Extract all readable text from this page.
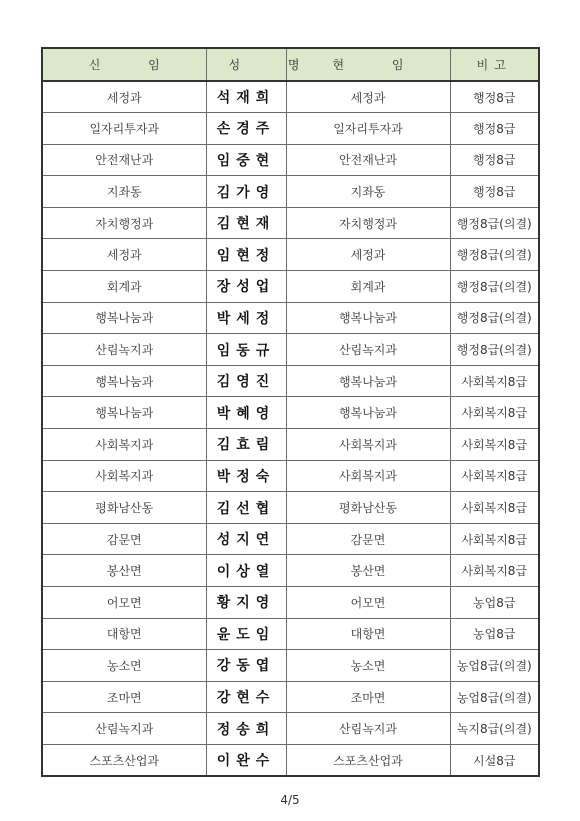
신 임	성 명	현 임	비고
세정과	석재희	세정과	행정8급
일자리투자과	손경주	일자리투자과	행정8급
안전재난과	임중현	안전재난과	행정8급
지좌동	김가영	지좌동	행정8급
자치행정과	김현재	자치행정과	행정8급(의결)
세정과	임현정	세정과	행정8급(의결)
회계과	장성업	회계과	행정8급(의결)
행복나눔과	박세정	행복나눔과	행정8급(의결)
산림녹지과	임동규	산림녹지과	행정8급(의결)
행복나눔과	김영진	행복나눔과	사회복지8급
행복나눔과	박혜영	행복나눔과	사회복지8급
사회복지과	김효림	사회복지과	사회복지8급
사회복지과	박정숙	사회복지과	사회복지8급
평화남산동	김선협	평화남산동	사회복지8급
감문면	성지연	감문면	사회복지8급
봉산면	이상열	봉산면	사회복지8급
어모면	황지영	어모면	농업8급
대항면	윤도임	대항면	농업8급
농소면	강동엽	농소면	농업8급(의결)
조마면	강현수	조마면	농업8급(의결)
산림녹지과	정송희	산림녹지과	녹지8급(의결)
스포츠산업과	이완수	스포츠산업과	시설8급
4/5
